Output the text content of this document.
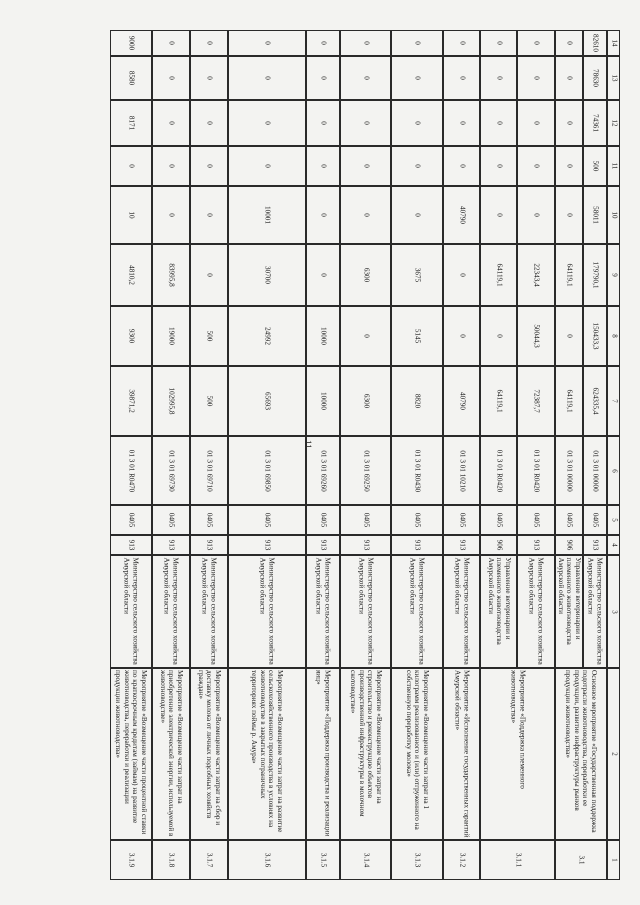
11
1
2
3
4
5
6
7
8
9
10
11
12
13
14
3.1
Основное мероприятие «Государственная поддержка подотрасли животноводства, переработки ее продукции, развитие инфраструктуры рынков продукции животноводства»
Министерство сельского хозяйства Амурской области
Управление ветеринарии и племенного животноводства Амурской области
913
906
0405
0405
01 3 01 00000
01 3 01 00000
624335,4
64119,1
150433,3
0
179790,1
64119,1
58011
0
500
0
74361
0
78630
0
82610
0
3.1.1
Мероприятие «Поддержка племенного животноводства»
Министерство сельского хозяйства Амурской области
Управление ветеринарии и племенного животноводства Амурской области
913
906
0405
0405
01 3 01 R0420
01 3 01 R0420
72387,7
64119,1
50044,3
0
22343,4
64119,1
0
0
0
0
0
0
0
0
0
0
3.1.2
Мероприятие «Исполнение государственных гарантий Амурской области»
Министерство сельского хозяйства Амурской области
913
0405
01 3 01 10210
40790
0
0
40790
0
0
0
0
3.1.3
Мероприятие «Возмещение части затрат на 1 килограмм реализованного и (или) отгруженного на собственную переработку молока»
Министерство сельского хозяйства Амурской области
913
0405
01 3 01 R0430
8820
5145
3675
0
0
0
0
0
3.1.4
Мероприятие «Возмещение части затрат на строительство и реконструкцию объектов производственной инфраструктуры в молочном скотоводстве»
Министерство сельского хозяйства Амурской области
913
0405
01 3 01 69250
6300
0
6300
0
0
0
0
0
3.1.5
Мероприятие «Поддержка производства и реализации яиц»
Министерство сельского хозяйства Амурской области
913
0405
01 3 01 69260
10000
10000
0
0
0
0
0
0
3.1.6
Мероприятие «Возмещение части затрат на развитие сельскохозяйственного производства в условиях на животноводстве в закрытых пограничных территориях поймы р. Амура»
Министерство сельского хозяйства Амурской области
913
0405
01 3 01 69850
65693
24992
30700
10001
0
0
0
0
3.1.7
Мероприятие «Возмещение части затрат на сбор и доставку молока от личных подсобных хозяйств граждан»
Министерство сельского хозяйства Амурской области
913
0405
01 3 01 69710
500
500
0
0
0
0
0
0
3.1.8
Мероприятие «Возмещение части затрат на приобретение электрической энергии, используемой в животноводстве»
Министерство сельского хозяйства Амурской области
913
0405
01 3 01 69730
102995,8
19000
83995,8
0
0
0
0
0
3.1.9
Мероприятие «Возмещение части процентной ставки по краткосрочным кредитам (займам) на развитие животноводства, переработки и реализации продукции животноводства»
Министерство сельского хозяйства Амурской области
913
0405
01 3 01 R0470
39871,2
9300
4810,2
10
0
8171
8580
9000
